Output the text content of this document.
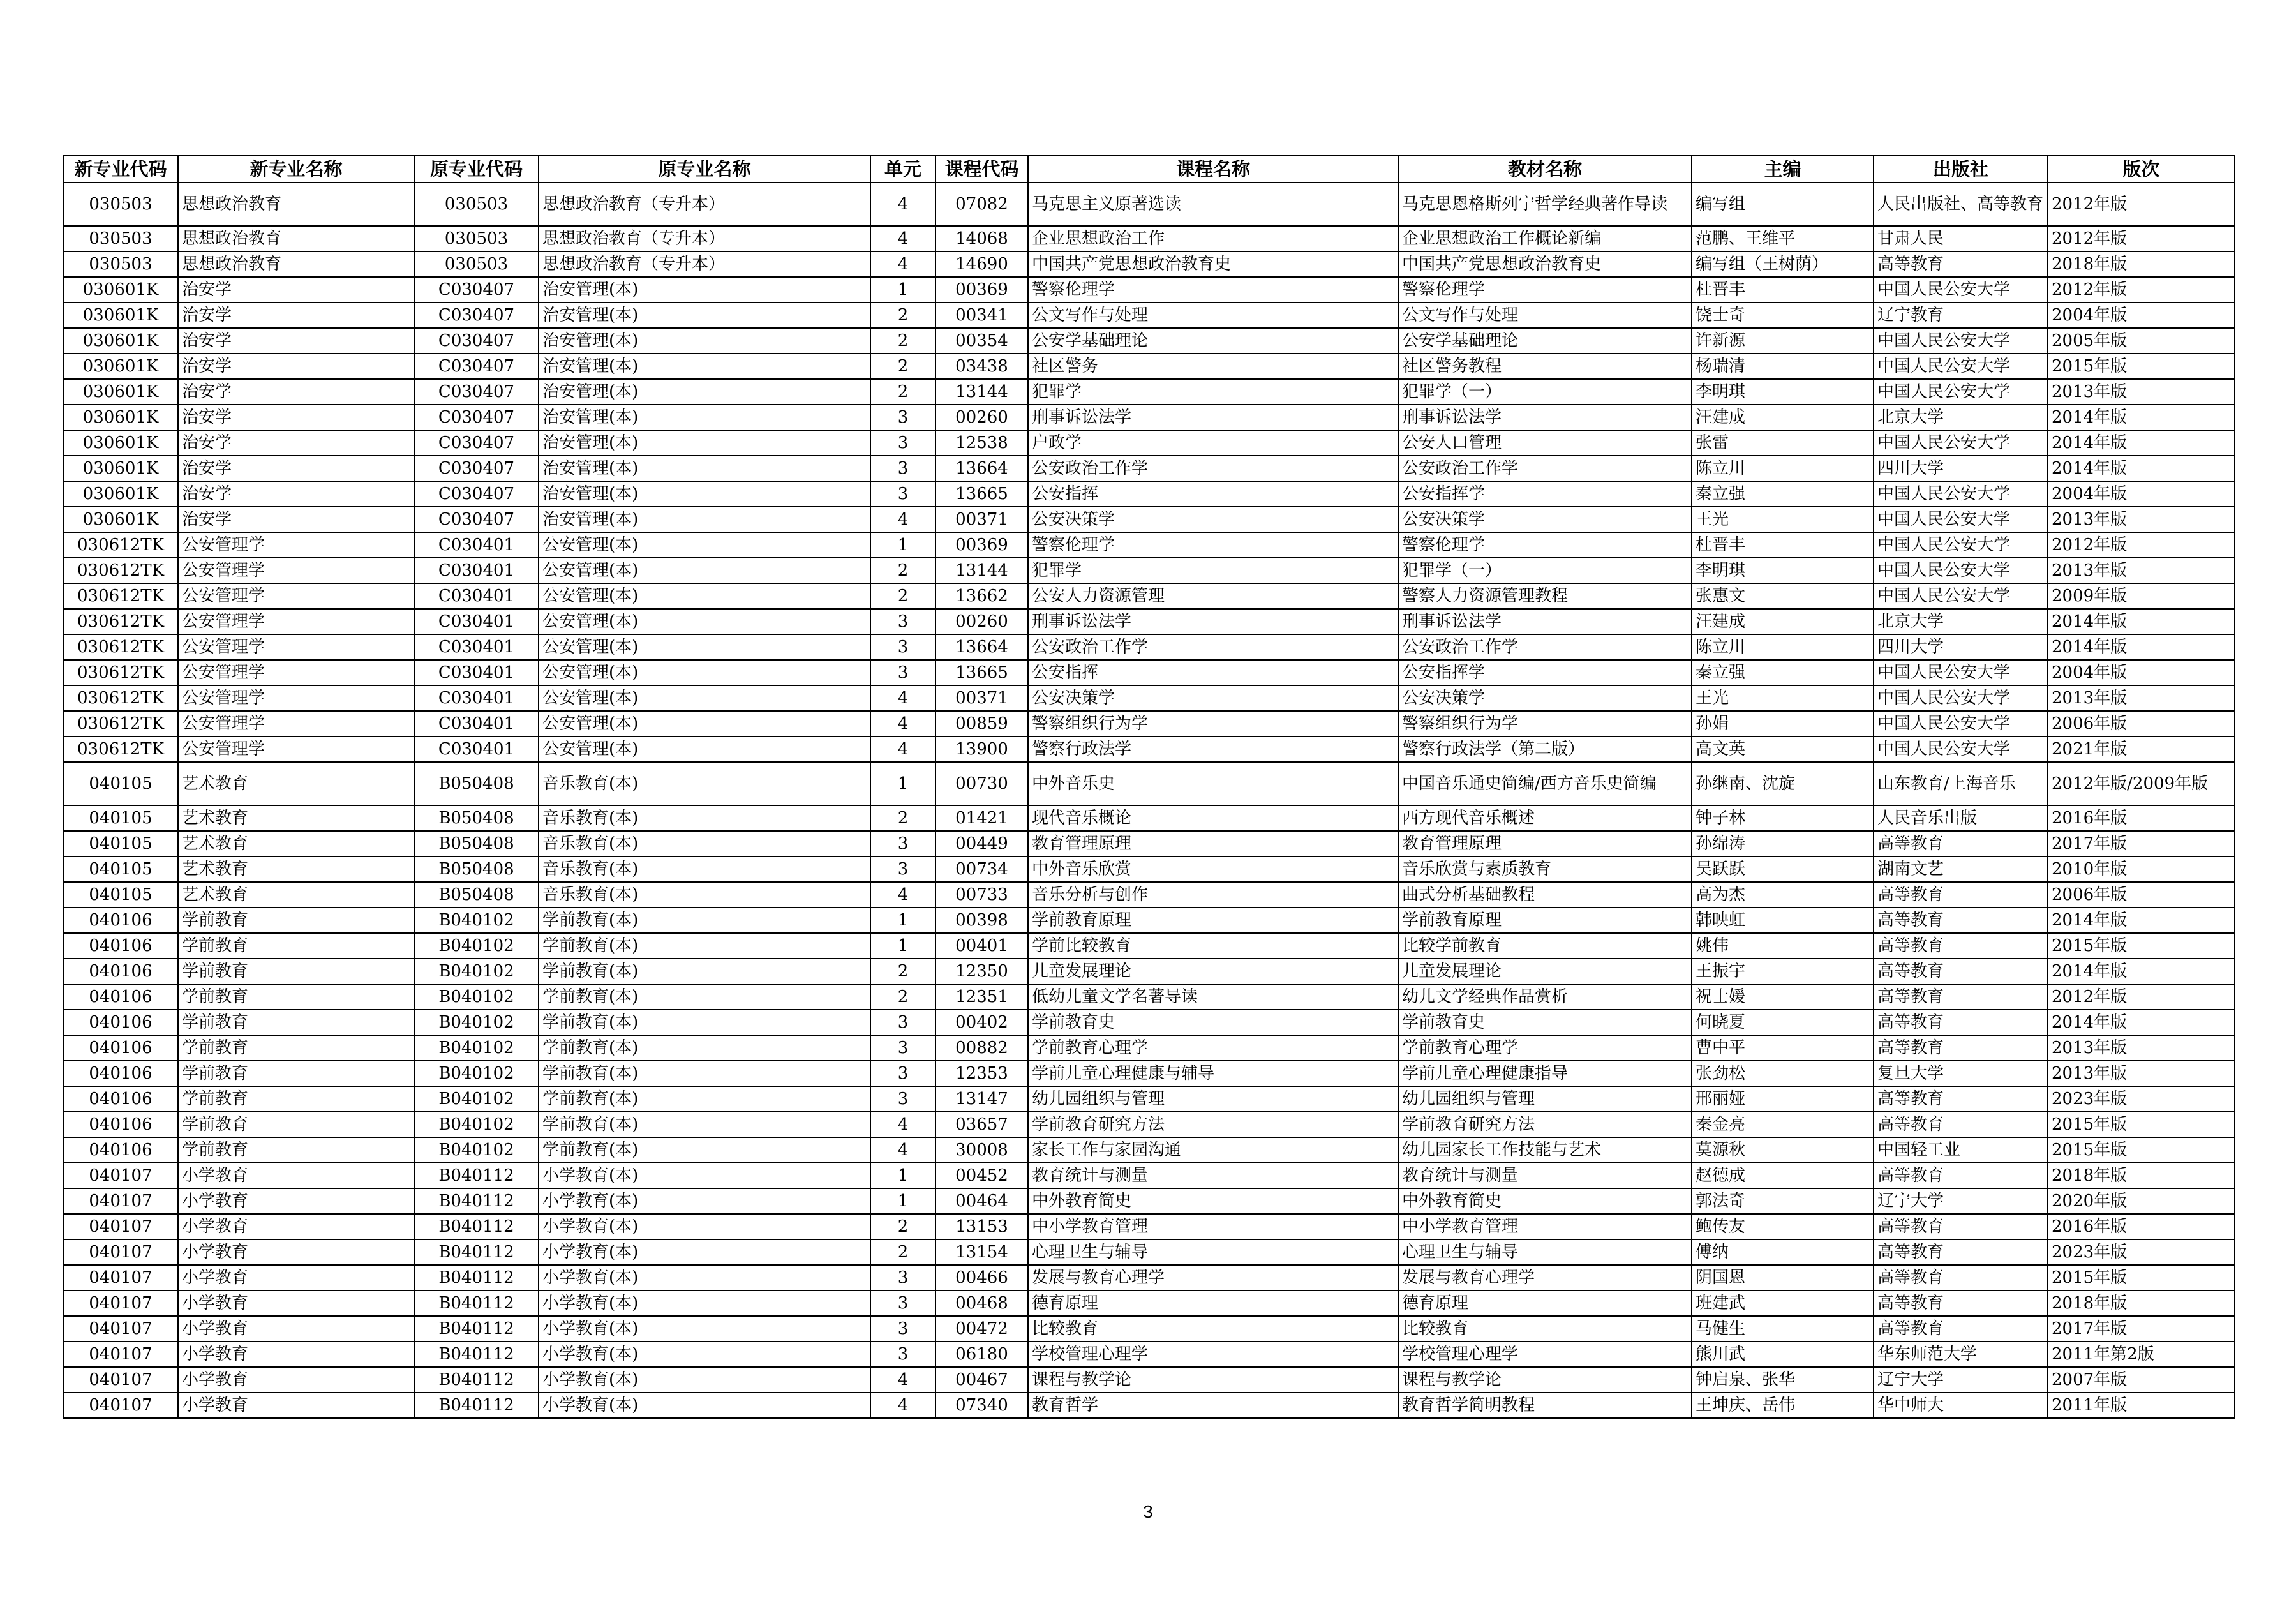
新专业代码	新专业名称	原专业代码	原专业名称	单元	课程代码	课程名称	教材名称	主编	出版社	版次
030503	思想政治教育	030503	思想政治教育（专升本）	4	07082	马克思主义原著选读	马克思恩格斯列宁哲学经典著作导读	编写组	人民出版社、高等教育	2012年版
030503	思想政治教育	030503	思想政治教育（专升本）	4	14068	企业思想政治工作	企业思想政治工作概论新编	范鹏、王维平	甘肃人民	2012年版
030503	思想政治教育	030503	思想政治教育（专升本）	4	14690	中国共产党思想政治教育史	中国共产党思想政治教育史	编写组（王树荫）	高等教育	2018年版
030601K	治安学	C030407	治安管理(本)	1	00369	警察伦理学	警察伦理学	杜晋丰	中国人民公安大学	2012年版
030601K	治安学	C030407	治安管理(本)	2	00341	公文写作与处理	公文写作与处理	饶士奇	辽宁教育	2004年版
030601K	治安学	C030407	治安管理(本)	2	00354	公安学基础理论	公安学基础理论	许新源	中国人民公安大学	2005年版
030601K	治安学	C030407	治安管理(本)	2	03438	社区警务	社区警务教程	杨瑞清	中国人民公安大学	2015年版
030601K	治安学	C030407	治安管理(本)	2	13144	犯罪学	犯罪学（一）	李明琪	中国人民公安大学	2013年版
030601K	治安学	C030407	治安管理(本)	3	00260	刑事诉讼法学	刑事诉讼法学	汪建成	北京大学	2014年版
030601K	治安学	C030407	治安管理(本)	3	12538	户政学	公安人口管理	张雷	中国人民公安大学	2014年版
030601K	治安学	C030407	治安管理(本)	3	13664	公安政治工作学	公安政治工作学	陈立川	四川大学	2014年版
030601K	治安学	C030407	治安管理(本)	3	13665	公安指挥	公安指挥学	秦立强	中国人民公安大学	2004年版
030601K	治安学	C030407	治安管理(本)	4	00371	公安决策学	公安决策学	王光	中国人民公安大学	2013年版
030612TK	公安管理学	C030401	公安管理(本)	1	00369	警察伦理学	警察伦理学	杜晋丰	中国人民公安大学	2012年版
030612TK	公安管理学	C030401	公安管理(本)	2	13144	犯罪学	犯罪学（一）	李明琪	中国人民公安大学	2013年版
030612TK	公安管理学	C030401	公安管理(本)	2	13662	公安人力资源管理	警察人力资源管理教程	张惠文	中国人民公安大学	2009年版
030612TK	公安管理学	C030401	公安管理(本)	3	00260	刑事诉讼法学	刑事诉讼法学	汪建成	北京大学	2014年版
030612TK	公安管理学	C030401	公安管理(本)	3	13664	公安政治工作学	公安政治工作学	陈立川	四川大学	2014年版
030612TK	公安管理学	C030401	公安管理(本)	3	13665	公安指挥	公安指挥学	秦立强	中国人民公安大学	2004年版
030612TK	公安管理学	C030401	公安管理(本)	4	00371	公安决策学	公安决策学	王光	中国人民公安大学	2013年版
030612TK	公安管理学	C030401	公安管理(本)	4	00859	警察组织行为学	警察组织行为学	孙娟	中国人民公安大学	2006年版
030612TK	公安管理学	C030401	公安管理(本)	4	13900	警察行政法学	警察行政法学（第二版）	高文英	中国人民公安大学	2021年版
040105	艺术教育	B050408	音乐教育(本)	1	00730	中外音乐史	中国音乐通史简编/西方音乐史简编	孙继南、沈旋	山东教育/上海音乐	2012年版/2009年版
040105	艺术教育	B050408	音乐教育(本)	2	01421	现代音乐概论	西方现代音乐概述	钟子林	人民音乐出版	2016年版
040105	艺术教育	B050408	音乐教育(本)	3	00449	教育管理原理	教育管理原理	孙绵涛	高等教育	2017年版
040105	艺术教育	B050408	音乐教育(本)	3	00734	中外音乐欣赏	音乐欣赏与素质教育	吴跃跃	湖南文艺	2010年版
040105	艺术教育	B050408	音乐教育(本)	4	00733	音乐分析与创作	曲式分析基础教程	高为杰	高等教育	2006年版
040106	学前教育	B040102	学前教育(本)	1	00398	学前教育原理	学前教育原理	韩映虹	高等教育	2014年版
040106	学前教育	B040102	学前教育(本)	1	00401	学前比较教育	比较学前教育	姚伟	高等教育	2015年版
040106	学前教育	B040102	学前教育(本)	2	12350	儿童发展理论	儿童发展理论	王振宇	高等教育	2014年版
040106	学前教育	B040102	学前教育(本)	2	12351	低幼儿童文学名著导读	幼儿文学经典作品赏析	祝士媛	高等教育	2012年版
040106	学前教育	B040102	学前教育(本)	3	00402	学前教育史	学前教育史	何晓夏	高等教育	2014年版
040106	学前教育	B040102	学前教育(本)	3	00882	学前教育心理学	学前教育心理学	曹中平	高等教育	2013年版
040106	学前教育	B040102	学前教育(本)	3	12353	学前儿童心理健康与辅导	学前儿童心理健康指导	张劲松	复旦大学	2013年版
040106	学前教育	B040102	学前教育(本)	3	13147	幼儿园组织与管理	幼儿园组织与管理	邢丽娅	高等教育	2023年版
040106	学前教育	B040102	学前教育(本)	4	03657	学前教育研究方法	学前教育研究方法	秦金亮	高等教育	2015年版
040106	学前教育	B040102	学前教育(本)	4	30008	家长工作与家园沟通	幼儿园家长工作技能与艺术	莫源秋	中国轻工业	2015年版
040107	小学教育	B040112	小学教育(本)	1	00452	教育统计与测量	教育统计与测量	赵德成	高等教育	2018年版
040107	小学教育	B040112	小学教育(本)	1	00464	中外教育简史	中外教育简史	郭法奇	辽宁大学	2020年版
040107	小学教育	B040112	小学教育(本)	2	13153	中小学教育管理	中小学教育管理	鲍传友	高等教育	2016年版
040107	小学教育	B040112	小学教育(本)	2	13154	心理卫生与辅导	心理卫生与辅导	傅纳	高等教育	2023年版
040107	小学教育	B040112	小学教育(本)	3	00466	发展与教育心理学	发展与教育心理学	阴国恩	高等教育	2015年版
040107	小学教育	B040112	小学教育(本)	3	00468	德育原理	德育原理	班建武	高等教育	2018年版
040107	小学教育	B040112	小学教育(本)	3	00472	比较教育	比较教育	马健生	高等教育	2017年版
040107	小学教育	B040112	小学教育(本)	3	06180	学校管理心理学	学校管理心理学	熊川武	华东师范大学	2011年第2版
040107	小学教育	B040112	小学教育(本)	4	00467	课程与教学论	课程与教学论	钟启泉、张华	辽宁大学	2007年版
040107	小学教育	B040112	小学教育(本)	4	07340	教育哲学	教育哲学简明教程	王坤庆、岳伟	华中师大	2011年版
3
